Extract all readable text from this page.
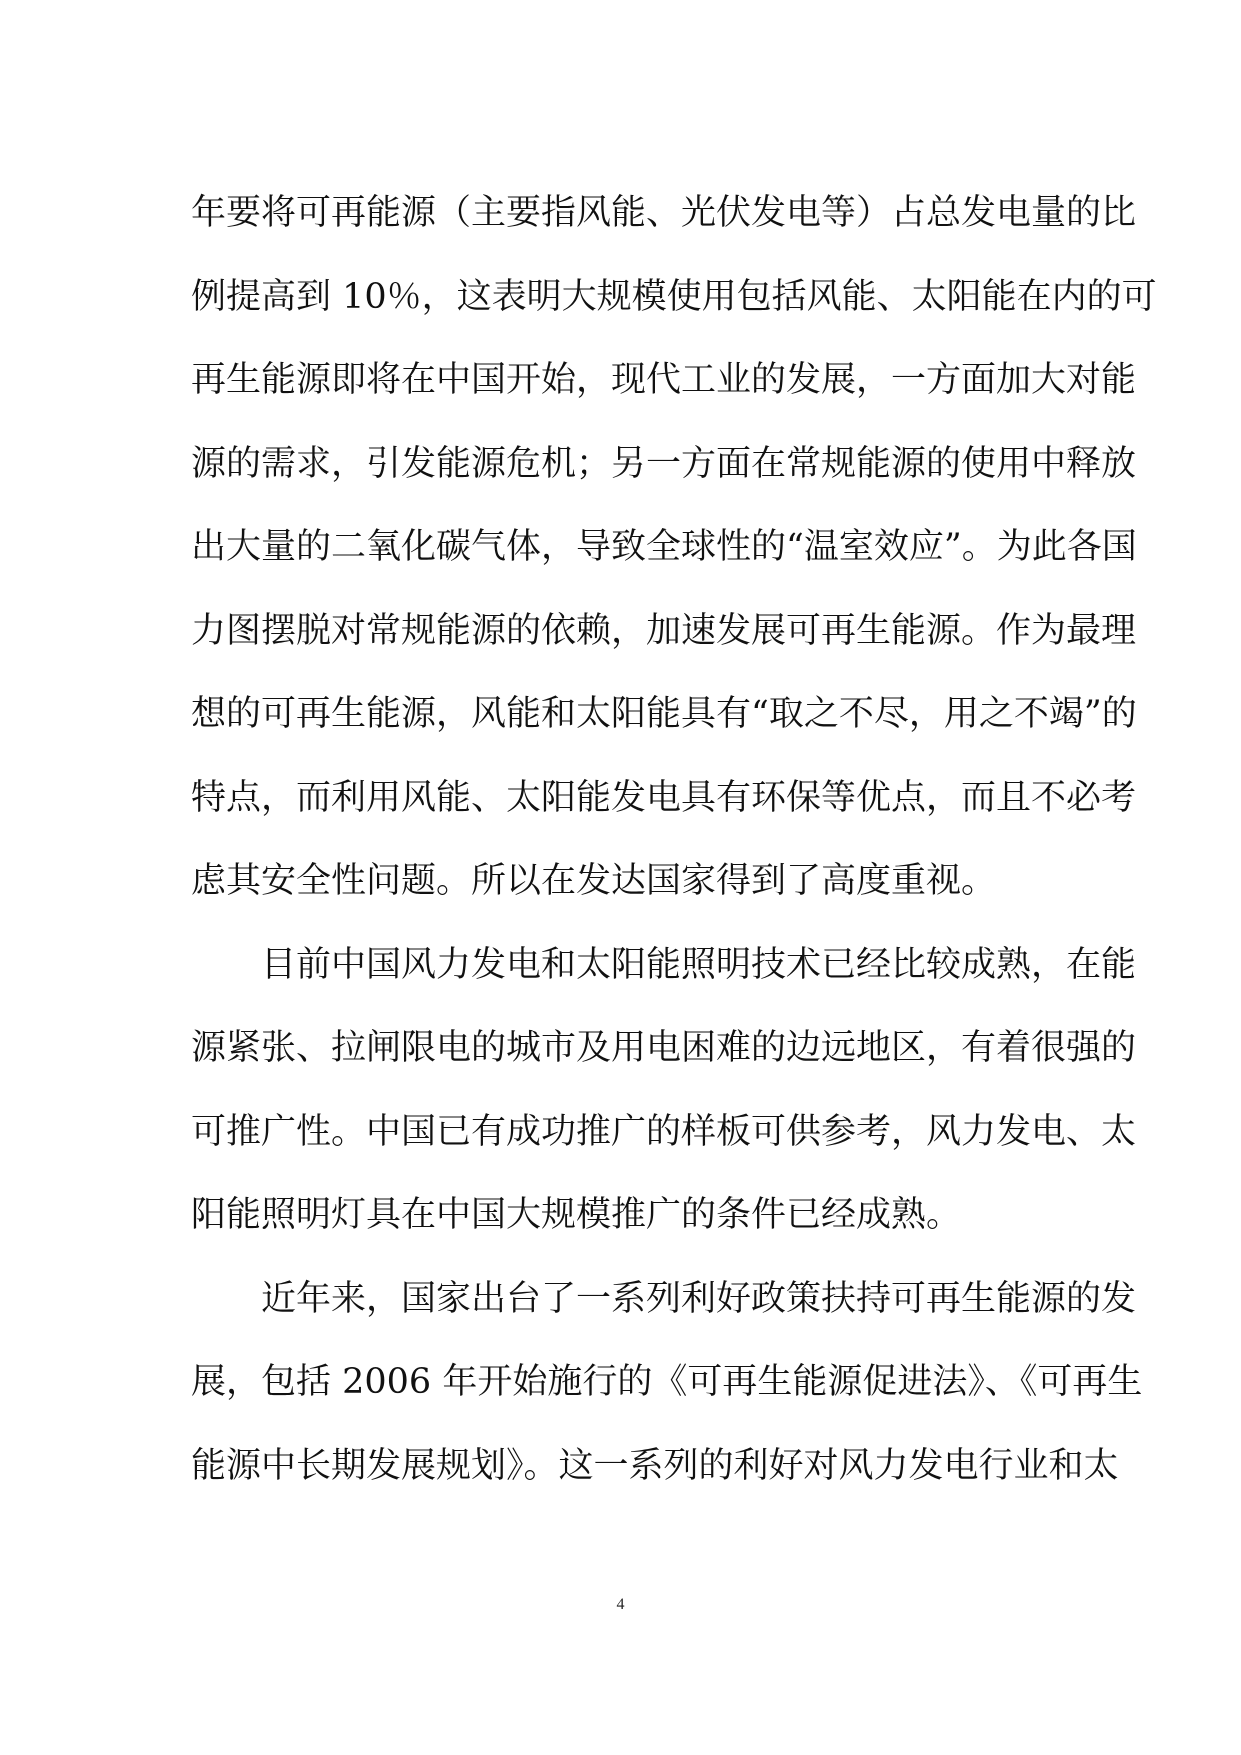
年要将可再能源（主要指风能、光伏发电等）占总发电量的比
例提高到 10％，这表明大规模使用包括风能、太阳能在内的可
再生能源即将在中国开始，现代工业的发展，一方面加大对能
源的需求，引发能源危机；另一方面在常规能源的使用中释放
出大量的二氧化碳气体，导致全球性的“温室效应”。为此各国
力图摆脱对常规能源的依赖，加速发展可再生能源。作为最理
想的可再生能源，风能和太阳能具有“取之不尽，用之不竭”的
特点，而利用风能、太阳能发电具有环保等优点，而且不必考
虑其安全性问题。所以在发达国家得到了高度重视。
目前中国风力发电和太阳能照明技术已经比较成熟，在能
源紧张、拉闸限电的城市及用电困难的边远地区，有着很强的
可推广性。中国已有成功推广的样板可供参考，风力发电、太
阳能照明灯具在中国大规模推广的条件已经成熟。
近年来，国家出台了一系列利好政策扶持可再生能源的发
展，包括 2006 年开始施行的《可再生能源促进法》、《可再生
能源中长期发展规划》。这一系列的利好对风力发电行业和太
4
